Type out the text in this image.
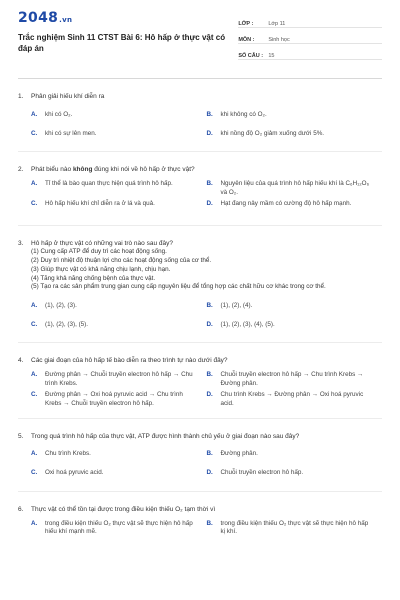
2048.vn
Trắc nghiệm Sinh 11 CTST Bài 6: Hô hấp ở thực vật có đáp án
LỚP :	Lớp 11
MÔN :	Sinh học
SỐ CÂU : 15
1.	Phân giải hiếu khí diễn ra
A.	khi có O₂.	B.	khi không có O₂.
C.	khi có sự lên men.	D.	khi nồng độ O₂ giảm xuống dưới 5%.
2.	Phát biểu nào không đúng khi nói về hô hấp ở thực vật?
A.	Tỉ thể là bào quan thực hiện quá trình hô hấp.	B.	Nguyên liệu của quá trình hô hấp hiếu khí là C₆H₁₂O₆ và O₂.
C.	Hô hấp hiếu khí chỉ diễn ra ở lá và quả.	D.	Hạt đang nảy mầm có cường độ hô hấp mạnh.
3.	Hô hấp ở thực vật có những vai trò nào sau đây?
(1) Cung cấp ATP để duy trì các hoạt động sống.
(2) Duy trì nhiệt độ thuận lợi cho các hoạt động sống của cơ thể.
(3) Giúp thực vật có khả năng chịu lạnh, chịu hạn.
(4) Tăng khả năng chống bệnh của thực vật.
(5) Tạo ra các sản phẩm trung gian cung cấp nguyên liệu để tổng hợp các chất hữu cơ khác trong cơ thể.
A.	(1), (2), (3).	B.	(1), (2), (4).
C.	(1), (2), (3), (5).	D.	(1), (2), (3), (4), (5).
4.	Các giai đoạn của hô hấp tế bào diễn ra theo trình tự nào dưới đây?
A.	Đường phân → Chuỗi truyền electron hô hấp → Chu trình Krebs.
B.	Chuỗi truyền electron hô hấp → Chu trình Krebs → Đường phân.
C.	Đường phân → Oxi hoá pyruvic acid → Chu trình Krebs → Chuỗi truyền electron hô hấp.
D.	Chu trình Krebs → Đường phân → Oxi hoá pyruvic acid.
5.	Trong quá trình hô hấp của thực vật, ATP được hình thành chủ yếu ở giai đoạn nào sau đây?
A.	Chu trình Krebs.	B.	Đường phân.
C.	Oxi hoá pyruvic acid.	D.	Chuỗi truyền electron hô hấp.
6.	Thực vật có thể tồn tại được trong điều kiện thiếu O₂ tạm thời vì
A.	trong điều kiện thiếu O₂ thực vật sẽ thực hiện hô hấp hiếu khí mạnh mẽ.
B.	trong điều kiện thiếu O₂ thực vật sẽ thực hiện hô hấp kị khí.
